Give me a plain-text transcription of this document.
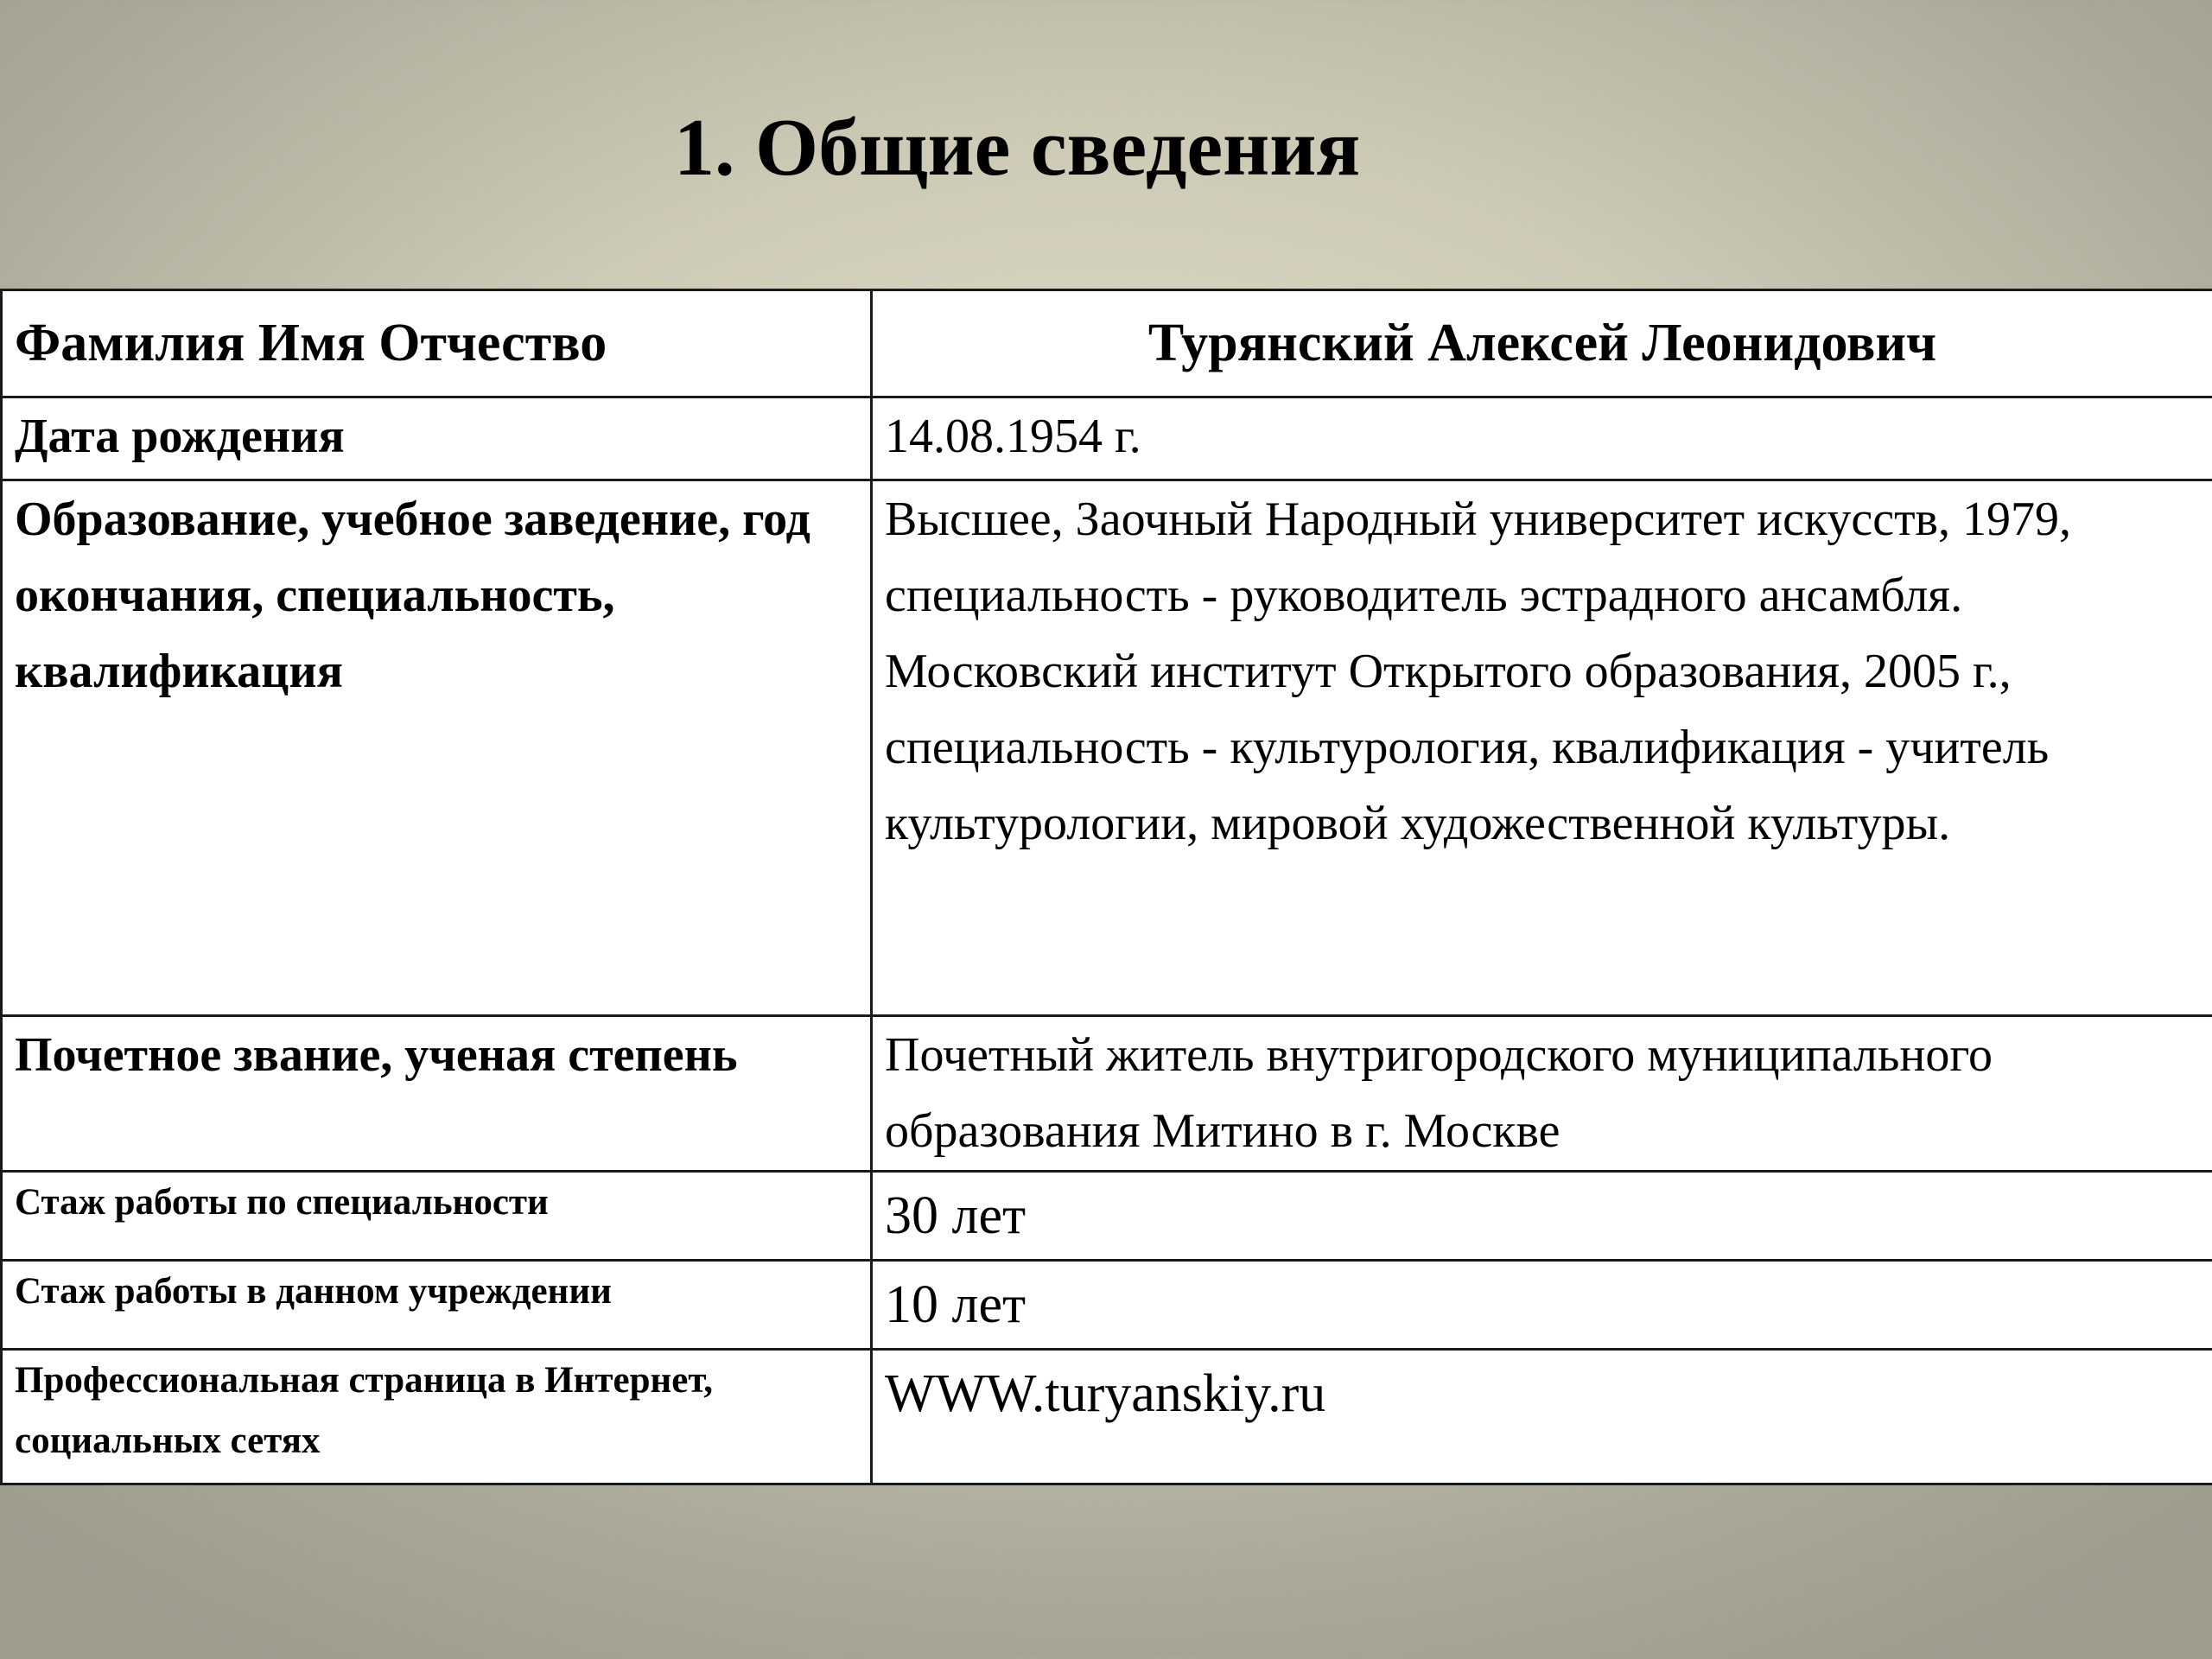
1. Общие сведения
Фамилия Имя Отчество	Турянский Алексей Леонидович

Дата рождения	14.08.1954 г.

Образование, учебное заведение, год окончания, специальность, квалификация	Высшее, Заочный Народный университет искусств, 1979, специальность - руководитель эстрадного ансамбля.
Московский институт Открытого образования, 2005 г., специальность - культурология, квалификация - учитель культурологии, мировой художественной культуры.

Почетное звание, ученая степень	Почетный житель внутригородского муниципального образования Митино в г. Москве

Стаж работы по специальности	30 лет

Стаж работы в данном учреждении	10 лет

Профессиональная страница в Интернет, социальных сетях	WWW.turyanskiy.ru
